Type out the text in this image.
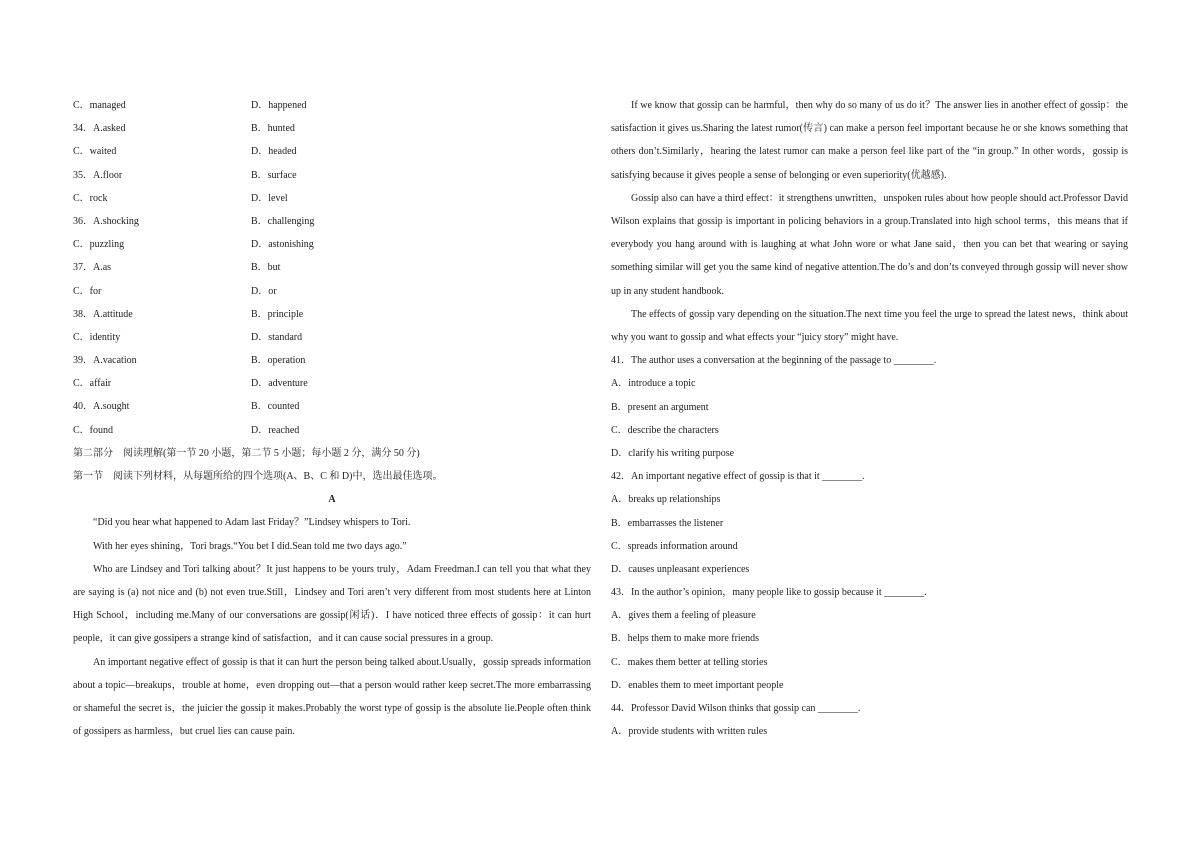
C．managed	D．happened
34．A.asked	B．hunted
C．waited	D．headed
35．A.floor	B．surface
C．rock	D．level
36．A.shocking	B．challenging
C．puzzling	D．astonishing
37．A.as	B．but
C．for	D．or
38．A.attitude	B．principle
C．identity	D．standard
39．A.vacation	B．operation
C．affair	D．adventure
40．A.sought	B．counted
C．found	D．reached
第二部分　阅读理解(第一节 20 小题，第二节 5 小题；每小题 2 分，满分 50 分)
第一节　阅读下列材料，从每题所给的四个选项(A、B、C 和 D)中，选出最佳选项。
A

“Did you hear what happened to Adam last Friday？”Lindsey whispers to Tori.

With her eyes shining，Tori brags.“You bet I did.Sean told me two days ago.”

Who are Lindsey and Tori talking about？It just happens to be yours truly，Adam Freedman.I can tell you that what they are saying is (a) not nice and (b) not even true.Still，Lindsey and Tori aren’t very different from most students here at Linton High School，including me.Many of our conversations are gossip(闲话)．I have noticed three effects of gossip：it can hurt people，it can give gossipers a strange kind of satisfaction，and it can cause social pressures in a group.

An important negative effect of gossip is that it can hurt the person being talked about.Usually，gossip spreads information about a topic—breakups，trouble at home，even dropping out—that a person would rather keep secret.The more embarrassing or shameful the secret is，the juicier the gossip it makes.Probably the worst type of gossip is the absolute lie.People often think of gossipers as harmless，but cruel lies can cause pain.

If we know that gossip can be harmful，then why do so many of us do it？The answer lies in another effect of gossip：the satisfaction it gives us.Sharing the latest rumor(传言) can make a person feel important because he or she knows something that others don’t.Similarly，hearing the latest rumor can make a person feel like part of the “in group.” In other words，gossip is satisfying because it gives people a sense of belonging or even superiority(优越感).

Gossip also can have a third effect：it strengthens unwritten，unspoken rules about how people should act.Professor David Wilson explains that gossip is important in policing behaviors in a group.Translated into high school terms，this means that if everybody you hang around with is laughing at what John wore or what Jane said，then you can bet that wearing or saying something similar will get you the same kind of negative attention.The do’s and don’ts conveyed through gossip will never show up in any student handbook.

The effects of gossip vary depending on the situation.The next time you feel the urge to spread the latest news，think about why you want to gossip and what effects your “juicy story” might have.

41．The author uses a conversation at the beginning of the passage to ________.
A．introduce a topic
B．present an argument
C．describe the characters
D．clarify his writing purpose
42．An important negative effect of gossip is that it ________.
A．breaks up relationships
B．embarrasses the listener
C．spreads information around
D．causes unpleasant experiences
43．In the author’s opinion，many people like to gossip because it ________.
A．gives them a feeling of pleasure
B．helps them to make more friends
C．makes them better at telling stories
D．enables them to meet important people
44．Professor David Wilson thinks that gossip can ________.
A．provide students with written rules
